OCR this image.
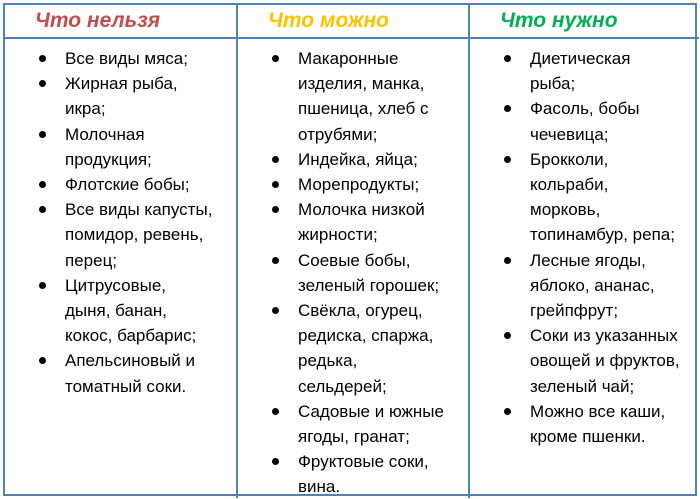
Что нельзя	Что можно	Что нужно
Все виды мяса;
Жирная рыба,
икра;
Молочная
продукция;
Флотские бобы;
Все виды капусты,
помидор, ревень,
перец;
Цитрусовые,
дыня, банан,
кокос, барбарис;
Апельсиновый и
томатный соки.
Макаронные
изделия, манка,
пшеница, хлеб с
отрубями;
Индейка, яйца;
Морепродукты;
Молочка низкой
жирности;
Соевые бобы,
зеленый горошек;
Свёкла, огурец,
редиска, спаржа,
редька,
сельдерей;
Садовые и южные
ягоды, гранат;
Фруктовые соки,
вина.
Диетическая
рыба;
Фасоль, бобы
чечевица;
Брокколи,
кольраби,
морковь,
топинамбур, репа;
Лесные ягоды,
яблоко, ананас,
грейпфрут;
Соки из указанных
овощей и фруктов,
зеленый чай;
Можно все каши,
кроме пшенки.
